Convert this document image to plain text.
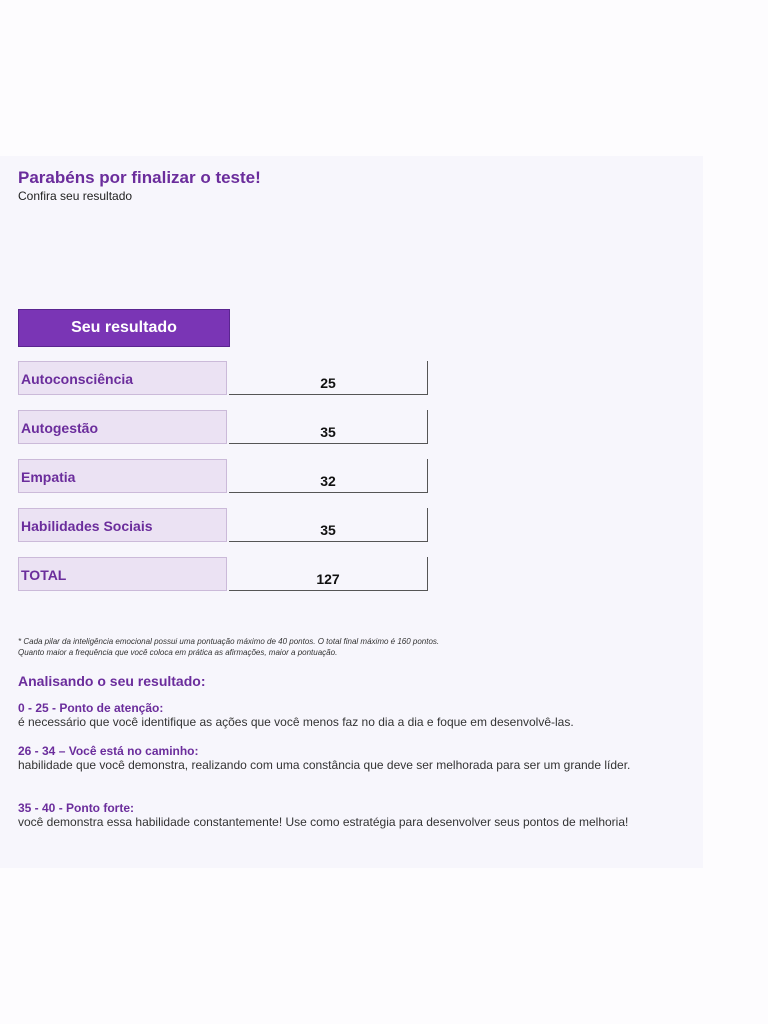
Parabéns por finalizar o teste!
Confira seu resultado
Seu resultado
Autoconsciência	25
Autogestão	35
Empatia	32
Habilidades Sociais	35
TOTAL	127
* Cada pilar da inteligência emocional possui uma pontuação máximo de 40 pontos. O total final máximo é 160 pontos.
Quanto maior a frequência que você coloca em prática as afirmações, maior a pontuação.
Analisando o seu resultado:
0 - 25 - Ponto de atenção:
é necessário que você identifique as ações que você menos faz no dia a dia e foque em desenvolvê-las.
26 - 34 – Você está no caminho:
habilidade que você demonstra, realizando com uma constância que deve ser melhorada para ser um grande líder.
35 - 40 - Ponto forte:
você demonstra essa habilidade constantemente! Use como estratégia para desenvolver seus pontos de melhoria!
